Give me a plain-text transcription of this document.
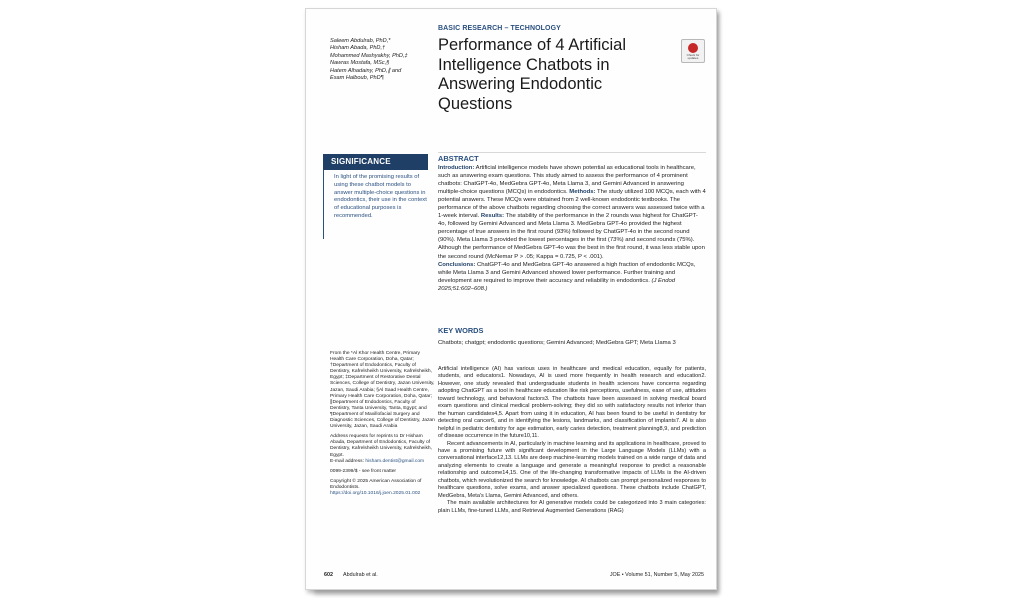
Saleem Abdulrab, PhD,*
Hisham Abada, PhD,†
Mohammed Mashyakhy, PhD,‡
Nawras Mostafa, MSc,§
Hatem Alhadainy, PhD,∥ and
Esam Halboub, PhD¶
BASIC RESEARCH – TECHNOLOGY
Performance of 4 Artificial Intelligence Chatbots in Answering Endodontic Questions
Check for updates
SIGNIFICANCE
In light of the promising results of using these chatbot models to answer multiple-choice questions in endodontics, their use in the context of educational purposes is recommended.
ABSTRACT
Introduction: Artificial intelligence models have shown potential as educational tools in healthcare, such as answering exam questions. This study aimed to assess the performance of 4 prominent chatbots: ChatGPT-4o, MedGebra GPT-4o, Meta Llama 3, and Gemini Advanced in answering multiple-choice questions (MCQs) in endodontics. Methods: The study utilized 100 MCQs, each with 4 potential answers. These MCQs were obtained from 2 well-known endodontic textbooks. The performance of the above chatbots regarding choosing the correct answers was assessed twice with a 1-week interval. Results: The stability of the performance in the 2 rounds was highest for ChatGPT-4o, followed by Gemini Advanced and Meta Llama 3. MedGebra GPT-4o provided the highest percentage of true answers in the first round (93%) followed by ChatGPT-4o in the second round (90%). Meta Llama 3 provided the lowest percentages in the first (73%) and second rounds (75%). Although the performance of MedGebra GPT-4o was the best in the first round, it was less stable upon the second round (McNemar P > .05; Kappa = 0.725, P < .001).
Conclusions: ChatGPT-4o and MedGebra GPT-4o answered a high fraction of endodontic MCQs, while Meta Llama 3 and Gemini Advanced showed lower performance. Further training and development are required to improve their accuracy and reliability in endodontics. (J Endod 2025;51:602–608.)
KEY WORDS
Chatbots; chatgpt; endodontic questions; Gemini Advanced; MedGebra GPT; Meta Llama 3

From the *Al Khor Health Centre, Primary Health Care Corporation, Doha, Qatar; †Department of Endodontics, Faculty of Dentistry, Kafrelsheikh University, Kafrelsheikh, Egypt; ‡Department of Restorative Dental Sciences, College of Dentistry, Jazan University, Jazan, Saudi Arabia; §Al Saad Health Centre, Primary Health Care Corporation, Doha, Qatar; ∥Department of Endodontics, Faculty of Dentistry, Tanta University, Tanta, Egypt; and ¶Department of Maxillofacial Surgery and Diagnostic Sciences, College of Dentistry, Jazan University, Jazan, Saudi Arabia

Address requests for reprints to Dr Hisham Abada, Department of Endodontics, Faculty of Dentistry, Kafrelsheikh University, Kafrelsheikh, Egypt.
E-mail address: hisham.dentist@gmail.com

0099-2399/$ - see front matter

Copyright © 2025 American Association of Endodontists.
https://doi.org/10.1016/j.joen.2025.01.002

Artificial intelligence (AI) has various uses in healthcare and medical education, equally for patients, students, and educators1. Nowadays, AI is used more frequently in health research and education2. However, one study revealed that undergraduate students in health sciences have concerns regarding adopting ChatGPT as a tool in healthcare education like risk perceptions, usefulness, ease of use, attitudes toward technology, and behavioral factors3. The chatbots have been assessed in solving medical board exam questions and clinical medical problem-solving; they did so with satisfactory results not inferior than the human candidates4,5. Apart from using it in education, AI has been found to be useful in dentistry for detecting oral cancer6, and in identifying the lesions, landmarks, and classification of implants7. AI is also helpful in pediatric dentistry for age estimation, early caries detection, treatment planning8,9, and prediction of disease occurrence in the future10,11.

Recent advancements in AI, particularly in machine learning and its applications in healthcare, proved to have a promising future with significant development in the Large Language Models (LLMs) with a conversational interface12,13. LLMs are deep machine-learning models trained on a wide range of data and analyzing elements to create a language and generate a meaningful response to predict a reasonable relationship and outcome14,15. One of the life-changing transformative impacts of LLMs is the AI-driven chatbots, which revolutionized the search for knowledge. AI chatbots can prompt personalized responses to healthcare questions, solve exams, and answer specialized questions. These chatbots include ChatGPT, MedGebra, Meta's Llama, Gemini Advanced, and others.

The main available architectures for AI generative models could be categorized into 3 main categories: plain LLMs, fine-tuned LLMs, and Retrieval Augmented Generations (RAG)

602 Abdulrab et al.	JOE • Volume 51, Number 5, May 2025
